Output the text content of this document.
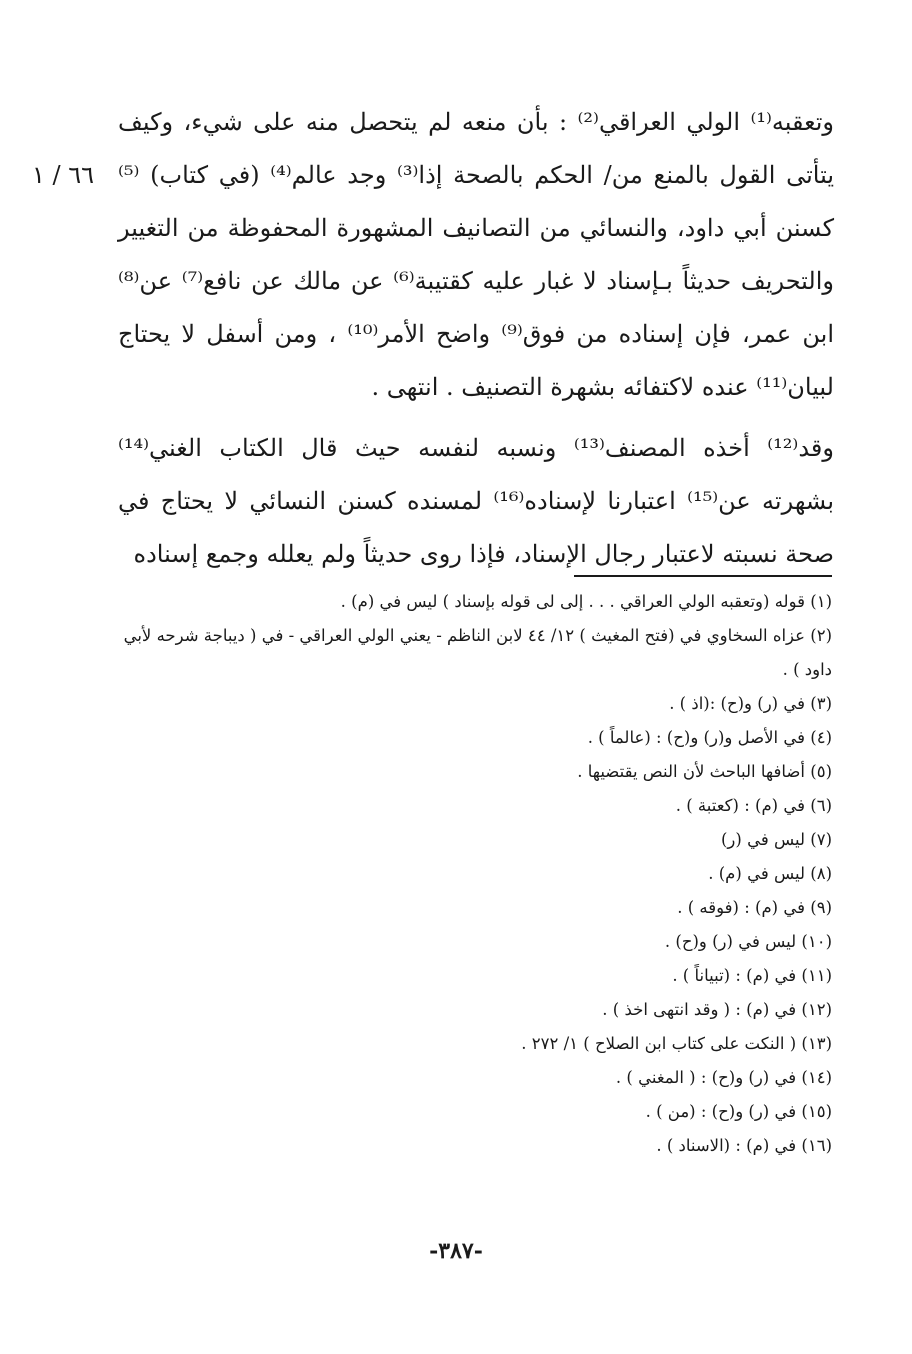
٦٦ / ١

وتعقبه⁽¹⁾ الولي العراقي⁽²⁾ : بأن منعه لم يتحصل منه على شيء، وكيف يتأتى القول بالمنع من/ الحكم بالصحة إذا⁽³⁾ وجد عالم⁽⁴⁾ (في كتاب) ⁽⁵⁾ كسنن أبي داود، والنسائي من التصانيف المشهورة المحفوظة من التغيير والتحريف حديثاً بـإسناد لا غبار عليه كقتيبة⁽⁶⁾ عن مالك عن نافع⁽⁷⁾ عن⁽⁸⁾ ابن عمر، فإن إسناده من فوق⁽⁹⁾ واضح الأمر⁽¹⁰⁾ ، ومن أسفل لا يحتاج لبيان⁽¹¹⁾ عنده لاكتفائه بشهرة التصنيف . انتهى .

وقد⁽¹²⁾ أخذه المصنف⁽¹³⁾ ونسبه لنفسه حيث قال الكتاب الغني⁽¹⁴⁾ بشهرته عن⁽¹⁵⁾ اعتبارنا لإسناده⁽¹⁶⁾ لمسنده كسنن النسائي لا يحتاج في صحة نسبته لاعتبار رجال الإسناد، فإذا روى حديثاً ولم يعلله وجمع إسناده

(١) قوله (وتعقبه الولي العراقي . . . إلى لى قوله بإسناد ) ليس في (م) .

(٢) عزاه السخاوي في (فتح المغيث ) ١٢/ ٤٤ لابن الناظم - يعني الولي العراقي - في ( ديباجة شرحه لأبي داود ) .

(٣) في (ر) و(ح) :(اذ ) .

(٤) في الأصل و(ر) و(ح) : (عالماً ) .

(٥) أضافها الباحث لأن النص يقتضيها .

(٦) في (م) : (كعتبة ) .

(٧) ليس في (ر)

(٨) ليس في (م) .

(٩) في (م) : (فوقه ) .

(١٠) ليس في (ر) و(ح) .

(١١) في (م) : (تبياناً ) .

(١٢) في (م) : ( وقد انتهى اخذ ) .

(١٣) ( النكت على كتاب ابن الصلاح ) ١/ ٢٧٢ .

(١٤) في (ر) و(ح) : ( المغني ) .

(١٥) في (ر) و(ح) : (من ) .

(١٦) في (م) : (الاسناد ) .

-٣٨٧-
